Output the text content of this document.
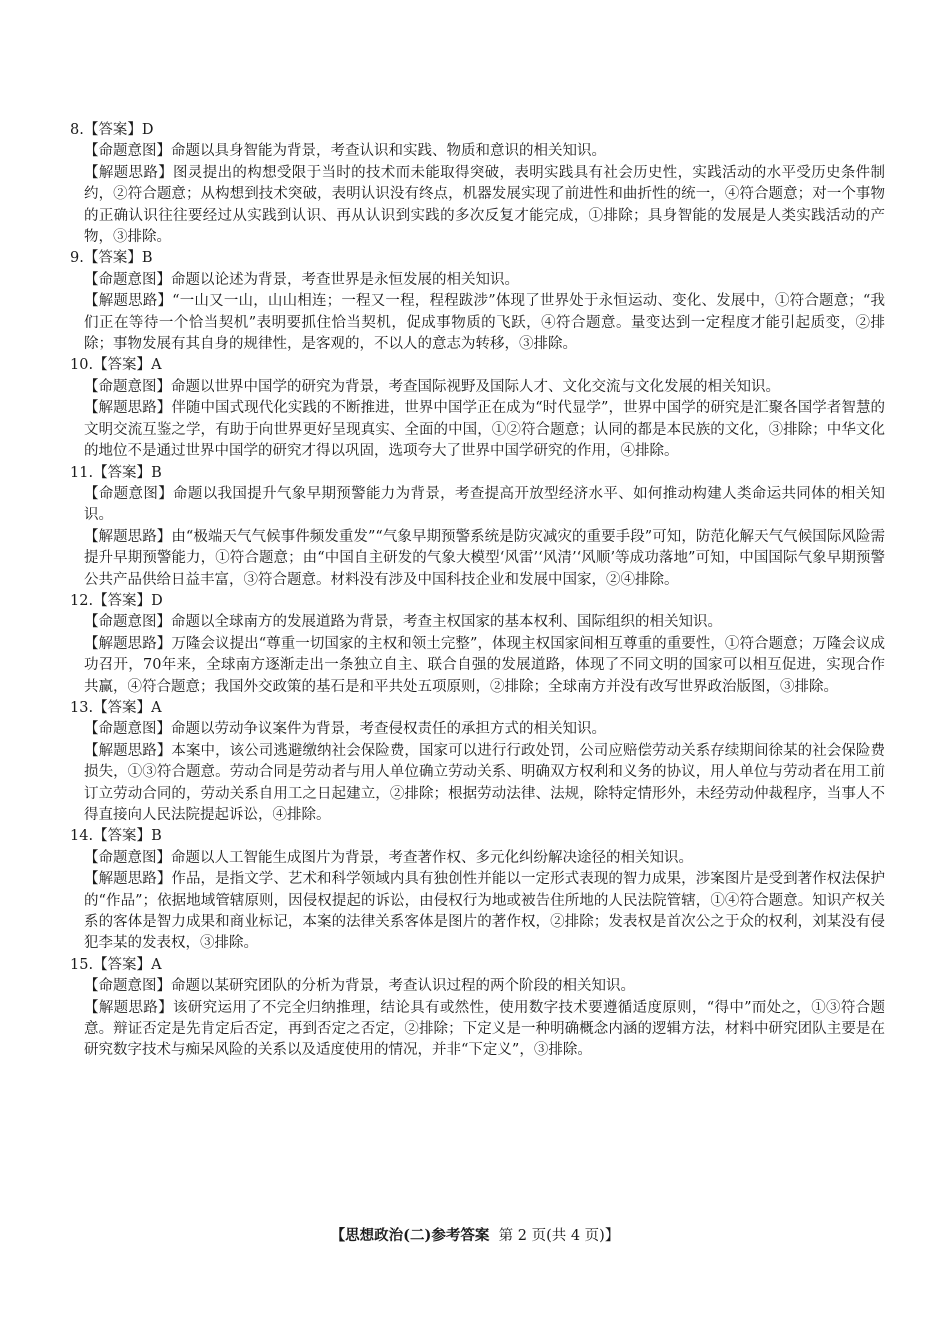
8.【答案】D

【命题意图】命题以具身智能为背景，考查认识和实践、物质和意识的相关知识。

【解题思路】图灵提出的构想受限于当时的技术而未能取得突破，表明实践具有社会历史性，实践活动的水平受历史条件制约，②符合题意；从构想到技术突破，表明认识没有终点，机器发展实现了前进性和曲折性的统一，④符合题意；对一个事物的正确认识往往要经过从实践到认识、再从认识到实践的多次反复才能完成，①排除；具身智能的发展是人类实践活动的产物，③排除。

9.【答案】B

【命题意图】命题以论述为背景，考查世界是永恒发展的相关知识。

【解题思路】“一山又一山，山山相连；一程又一程，程程跋涉”体现了世界处于永恒运动、变化、发展中，①符合题意；“我们正在等待一个恰当契机”表明要抓住恰当契机，促成事物质的飞跃，④符合题意。量变达到一定程度才能引起质变，②排除；事物发展有其自身的规律性，是客观的，不以人的意志为转移，③排除。

10.【答案】A

【命题意图】命题以世界中国学的研究为背景，考查国际视野及国际人才、文化交流与文化发展的相关知识。

【解题思路】伴随中国式现代化实践的不断推进，世界中国学正在成为“时代显学”，世界中国学的研究是汇聚各国学者智慧的文明交流互鉴之学，有助于向世界更好呈现真实、全面的中国，①②符合题意；认同的都是本民族的文化，③排除；中华文化的地位不是通过世界中国学的研究才得以巩固，选项夸大了世界中国学研究的作用，④排除。

11.【答案】B

【命题意图】命题以我国提升气象早期预警能力为背景，考查提高开放型经济水平、如何推动构建人类命运共同体的相关知识。

【解题思路】由“极端天气气候事件频发重发”“气象早期预警系统是防灾减灾的重要手段”可知，防范化解天气气候国际风险需提升早期预警能力，①符合题意；由“中国自主研发的气象大模型‘风雷’‘风清’‘风顺’等成功落地”可知，中国国际气象早期预警公共产品供给日益丰富，③符合题意。材料没有涉及中国科技企业和发展中国家，②④排除。

12.【答案】D

【命题意图】命题以全球南方的发展道路为背景，考查主权国家的基本权利、国际组织的相关知识。

【解题思路】万隆会议提出“尊重一切国家的主权和领土完整”，体现主权国家间相互尊重的重要性，①符合题意；万隆会议成功召开，70年来，全球南方逐渐走出一条独立自主、联合自强的发展道路，体现了不同文明的国家可以相互促进，实现合作共赢，④符合题意；我国外交政策的基石是和平共处五项原则，②排除；全球南方并没有改写世界政治版图，③排除。

13.【答案】A

【命题意图】命题以劳动争议案件为背景，考查侵权责任的承担方式的相关知识。

【解题思路】本案中，该公司逃避缴纳社会保险费，国家可以进行行政处罚，公司应赔偿劳动关系存续期间徐某的社会保险费损失，①③符合题意。劳动合同是劳动者与用人单位确立劳动关系、明确双方权利和义务的协议，用人单位与劳动者在用工前订立劳动合同的，劳动关系自用工之日起建立，②排除；根据劳动法律、法规，除特定情形外，未经劳动仲裁程序，当事人不得直接向人民法院提起诉讼，④排除。

14.【答案】B

【命题意图】命题以人工智能生成图片为背景，考查著作权、多元化纠纷解决途径的相关知识。

【解题思路】作品，是指文学、艺术和科学领域内具有独创性并能以一定形式表现的智力成果，涉案图片是受到著作权法保护的“作品”；依据地域管辖原则，因侵权提起的诉讼，由侵权行为地或被告住所地的人民法院管辖，①④符合题意。知识产权关系的客体是智力成果和商业标记，本案的法律关系客体是图片的著作权，②排除；发表权是首次公之于众的权利，刘某没有侵犯李某的发表权，③排除。

15.【答案】A

【命题意图】命题以某研究团队的分析为背景，考查认识过程的两个阶段的相关知识。

【解题思路】该研究运用了不完全归纳推理，结论具有或然性，使用数字技术要遵循适度原则，“得中”而处之，①③符合题意。辩证否定是先肯定后否定，再到否定之否定，②排除；下定义是一种明确概念内涵的逻辑方法，材料中研究团队主要是在研究数字技术与痴呆风险的关系以及适度使用的情况，并非“下定义”，③排除。

【思想政治(二)参考答案 第 2 页(共 4 页)】
